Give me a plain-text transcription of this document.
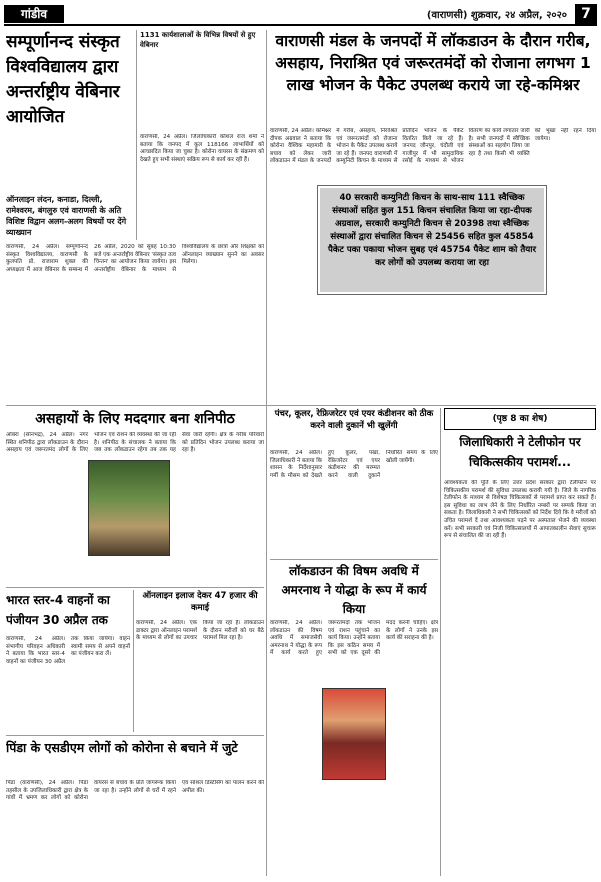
गांडीव	(वाराणसी) शुक्रवार, २४ अप्रैल, २०२०	7
सम्पूर्णानन्द संस्कृत विश्वविद्यालय द्वारा अन्तर्राष्ट्रीय वेबिनार आयोजित
ऑनलाइन लंदन, कनाडा, दिल्ली, रामेश्वरम, बंगलुरु एवं वाराणसी के अति विशिष्ट विद्वान अलग-अलग विषयों पर देंगे व्याख्यान
वाराणसी, 24 अप्रैल। सम्पूर्णानन्द संस्कृत विश्वविद्यालय, वाराणसी के कुलपति प्रो. राजाराम शुक्ल की अध्यक्षता में आज वेबिनार के सम्बन्ध में 26 अप्रैल, 2020 को सुबह 10:30 बजे एक अन्तर्राष्ट्रीय वेबिनार 'संस्कृत तत्व चिन्तन' का आयोजन किया जायेगा। इस अन्तर्राष्ट्रीय वेबिनार के माध्यम से विश्वविद्यालय के छात्रों और शिक्षकों को ऑनलाइन व्याख्यान सुनने का अवसर मिलेगा।
1131 कार्यशालाओं के विभिन्न विषयों से हुए वेबिनार
वाराणसी, 24 अप्रैल। जिलाधिकारी कौशल राज शर्मा ने बताया कि जनपद में कुल 118166 लाभार्थियों को आच्छादित किया जा चुका है। कोरोना वायरस के संक्रमण को देखते हुए सभी संस्थाएं सक्रिय रूप से कार्य कर रही हैं।
वाराणसी मंडल के जनपदों में लॉकडाउन के दौरान गरीब, असहाय, निराश्रित एवं जरूरतमंदों को रोजाना लगभग 1 लाख भोजन के पैकेट उपलब्ध कराये जा रहे-कमिश्नर
वाराणसी, 24 अप्रैल। कमिश्नर दीपक अग्रवाल ने बताया कि कोरोना वैश्विक महामारी के बचाव को लेकर जारी लॉकडाउन में मंडल के जनपदों में गरीब, असहाय, निराश्रित एवं जरूरतमंदों को रोजाना भोजन के पैकेट उपलब्ध कराये जा रहे हैं। जनपद वाराणसी में कम्युनिटी किचन के माध्यम से प्रतिदिन भोजन के पैकेट वितरित किये जा रहे हैं। जनपद जौनपुर, चंदौली एवं गाजीपुर में भी सामुदायिक रसोई के माध्यम से भोजन वितरण का कार्य लगातार जारी है। सभी जनपदों में स्वैच्छिक संस्थाओं का सहयोग लिया जा रहा है तथा किसी भी व्यक्ति को भूखा नहीं रहने दिया जायेगा।
40 सरकारी कम्युनिटी किचन के साथ-साथ 111 स्वैच्छिक संस्थाओं सहित कुल 151 किचन संचालित किया जा रहा-दीपक अग्रवाल, सरकारी कम्युनिटी किचन से 20398 तथा स्वैच्छिक संस्थाओं द्वारा संचालित किचन से 25456 सहित कुल 45854 पैकेट पका पकाया भोजन सुबह एवं 45754 पैकेट शाम को तैयार कर लोगों को उपलब्ध कराया जा रहा
असहायों के लिए मददगार बना शनिपीठ
ओबरा (सोनभद्र), 24 अप्रैल। नगर स्थित शनिपीठ द्वारा लॉकडाउन के दौरान असहाय एवं जरूरतमंद लोगों के लिए भोजन एवं राशन की व्यवस्था की जा रही है। शनिपीठ के संचालक ने बताया कि जब तक लॉकडाउन रहेगा तब तक यह सेवा जारी रहेगी। क्षेत्र के गरीब परिवारों को प्रतिदिन भोजन उपलब्ध कराया जा रहा है।
पंचर, कूलर, रेफ्रिजरेटर एवं एयर कंडीशनर को ठीक करने वाली दुकानें भी खुलेंगी
वाराणसी, 24 अप्रैल। जिलाधिकारी ने बताया कि शासन के निर्देशानुसार गर्मी के मौसम को देखते हुए कूलर, पंखा, रेफ्रिजरेटर एवं एयर कंडीशनर की मरम्मत करने वाली दुकानें निर्धारित समय के लिए खोली जायेंगी।
(पृष्ठ 8 का शेष)
जिलाधिकारी ने टेलीफोन पर चिकित्सकीय परामर्श...
आवश्यकता की पूर्ति के लिए उत्तर प्रदेश सरकार द्वारा टेलीफोन पर चिकित्सकीय परामर्श की सुविधा उपलब्ध करायी गयी है। जिले के नागरिक टेलीफोन के माध्यम से विशेषज्ञ चिकित्सकों से परामर्श प्राप्त कर सकते हैं। इस सुविधा का लाभ लेने के लिए निर्धारित नम्बरों पर सम्पर्क किया जा सकता है। जिलाधिकारी ने सभी चिकित्सकों को निर्देश दिये कि वे मरीजों को उचित परामर्श दें तथा आवश्यकता पड़ने पर अस्पताल भेजने की व्यवस्था करें। सभी सरकारी एवं निजी चिकित्सालयों में आपातकालीन सेवाएं सुचारू रूप से संचालित की जा रही हैं।
भारत स्तर-4 वाहनों का पंजीयन 30 अप्रैल तक
वाराणसी, 24 अप्रैल। संभागीय परिवहन अधिकारी ने बताया कि भारत स्तर-4 वाहनों का पंजीयन 30 अप्रैल तक किया जायेगा। वाहन स्वामी समय से अपने वाहनों का पंजीयन करा लें।
ऑनलाइन इलाज देकर 47 हजार की कमाई
वाराणसी, 24 अप्रैल। एक डाक्टर द्वारा ऑनलाइन परामर्श के माध्यम से लोगों का उपचार किया जा रहा है। लॉकडाउन के दौरान मरीजों को घर बैठे परामर्श मिल रहा है।
पिंडा के एसडीएम लोगों को कोरोना से बचाने में जुटे
पिंडा (वाराणसी), 24 अप्रैल। पिंडा तहसील के उपजिलाधिकारी द्वारा क्षेत्र के गांवों में भ्रमण कर लोगों को कोरोना वायरस से बचाव के प्रति जागरूक किया जा रहा है। उन्होंने लोगों से घरों में रहने एवं सोशल डिस्टेंसिंग का पालन करने की अपील की।
लॉकडाउन की विषम अवधि में अमरनाथ ने योद्धा के रूप में कार्य किया
वाराणसी, 24 अप्रैल। लॉकडाउन की विषम अवधि में समाजसेवी अमरनाथ ने योद्धा के रूप में कार्य करते हुए जरूरतमंदों तक भोजन एवं राशन पहुंचाने का कार्य किया। उन्होंने बताया कि इस कठिन समय में सभी को एक दूसरे की मदद करनी चाहिए। क्षेत्र के लोगों ने उनके इस कार्य की सराहना की है।
